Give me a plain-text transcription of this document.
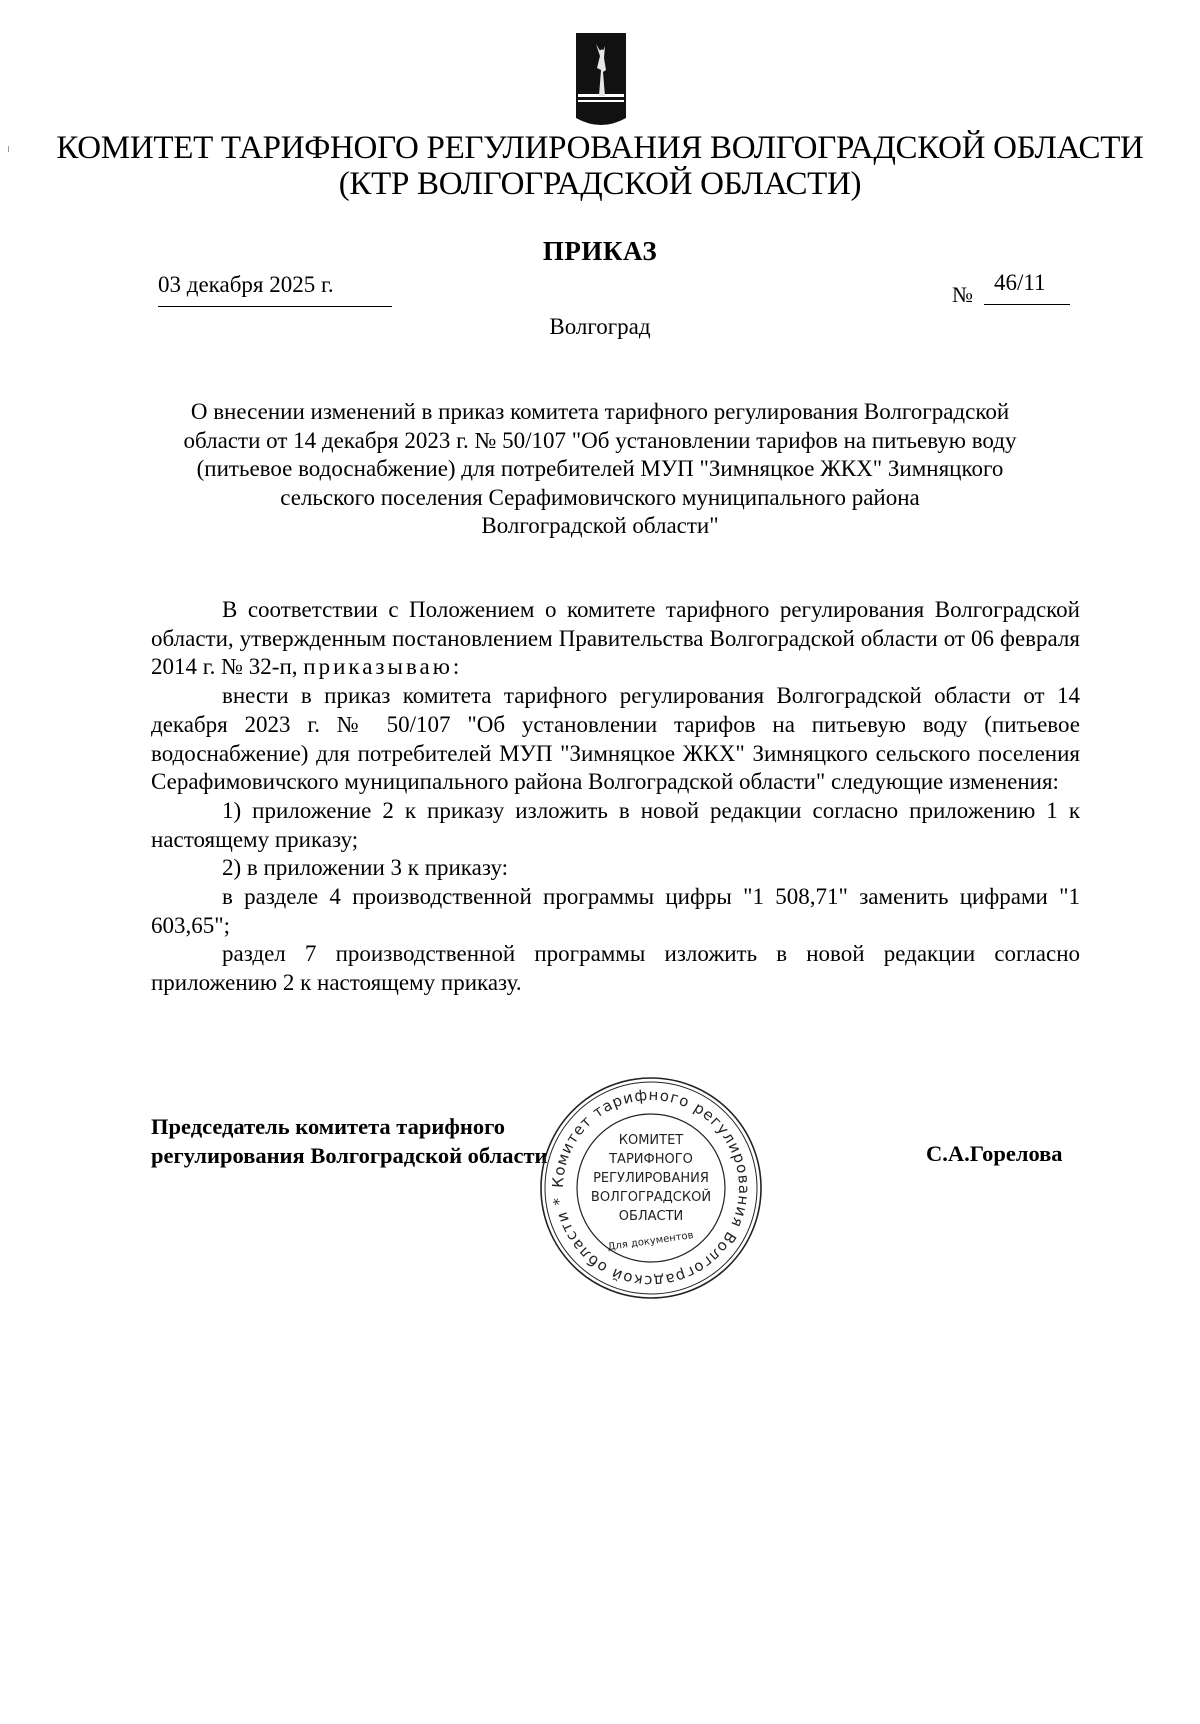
КОМИТЕТ ТАРИФНОГО РЕГУЛИРОВАНИЯ ВОЛГОГРАДСКОЙ ОБЛАСТИ
(КТР ВОЛГОГРАДСКОЙ ОБЛАСТИ)
ПРИКАЗ
03 декабря 2025 г.	№ 46/11
Волгоград
О внесении изменений в приказ комитета тарифного регулирования Волгоградской
области от 14 декабря 2023 г. № 50/107 "Об установлении тарифов на питьевую воду
(питьевое водоснабжение) для потребителей МУП "Зимняцкое ЖКХ" Зимняцкого
сельского поселения Серафимовичского муниципального района
Волгоградской области"

В соответствии с Положением о комитете тарифного регулирования Волгоградской области, утвержденным постановлением Правительства Волгоградской области от 06 февраля 2014 г. № 32-п, приказываю:

внести в приказ комитета тарифного регулирования Волгоградской области от 14 декабря 2023 г. № 50/107 "Об установлении тарифов на питьевую воду (питьевое водоснабжение) для потребителей МУП "Зимняцкое ЖКХ" Зимняцкого сельского поселения Серафимовичского муниципального района Волгоградской области" следующие изменения:

1) приложение 2 к приказу изложить в новой редакции согласно приложению 1 к настоящему приказу;

2) в приложении 3 к приказу:

в разделе 4 производственной программы цифры "1 508,71" заменить цифрами "1 603,65";

раздел 7 производственной программы изложить в новой редакции согласно приложению 2 к настоящему приказу.

Председатель комитета тарифного
регулирования Волгоградской области
Комитет тарифного регулирования Волгоградской области *
КОМИТЕТ
ТАРИФНОГО
РЕГУЛИРОВАНИЯ
ВОЛГОГРАДСКОЙ
ОБЛАСТИ
Для документов
С.А.Горелова
